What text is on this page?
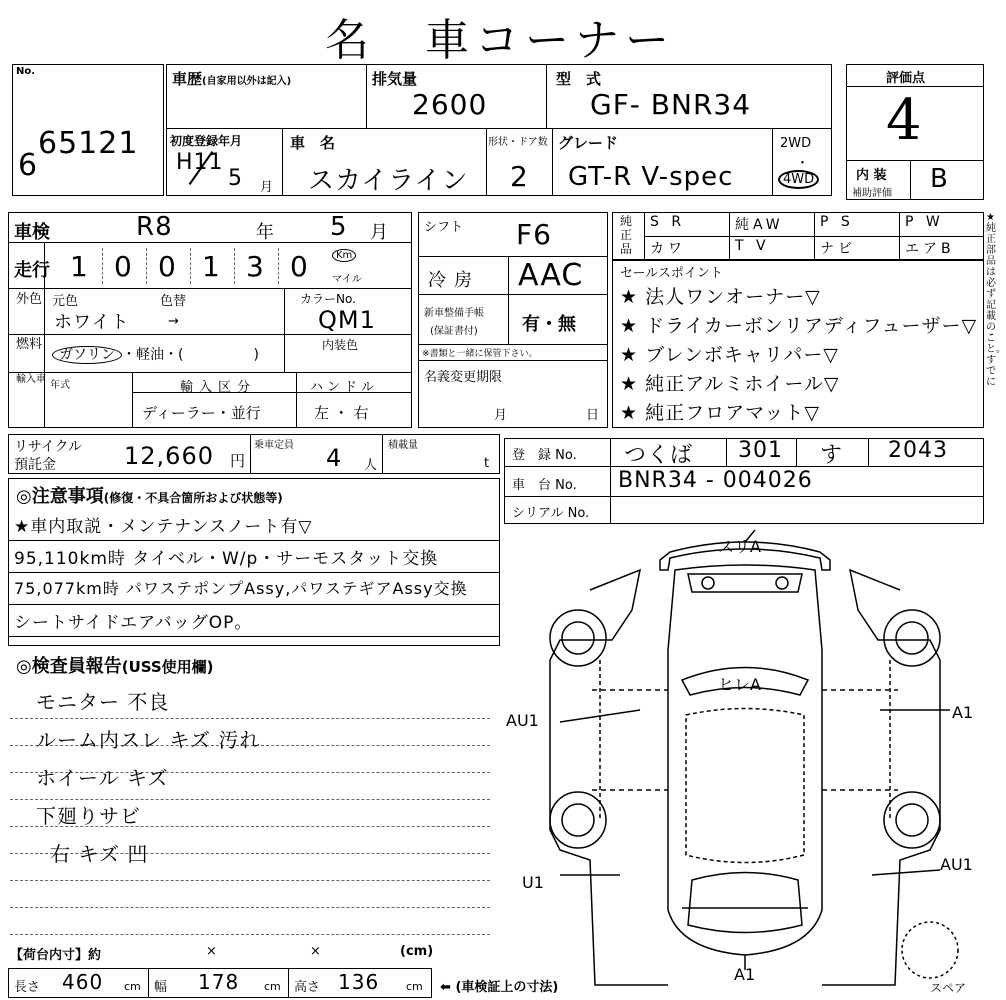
名　車コーナー
No.
65121
6
車歴(自家用以外は記入)	排気量
2600
型　式
GF- BNR34
初度登録年月
H11
5 月
車　名
スカイライン
形状・ドア数
2
グレード
GT-R V-spec
2WD
・
4WD
評価点
4
内 装
補助評価 B
車検	R8	年 5 月
走行 1 0 0 1 3 0	Km
マイル
外色 元色	色替
ホワイト	→
カラーNo.
QM1
燃料
ガソリン ・軽油・(　　　　　)
内装色
輸入車
年式	輸入区分
ディーラー・並行
ハンドル
左 ・ 右
シフト F6
冷房 AAC
新車整備手帳
(保証書付) 有・無
※書類と一緒に保管下さい。
名義変更期限
月	日
純正品
S R	純AW	P S	P W
カワ	T V	ナビ	エアB
セールスポイント
★ 法人ワンオーナー▽
★ ドライカーボンリアディフューザー▽
★ ブレンボキャリパー▽
★ 純正アルミホイール▽
★ 純正フロアマット▽
★純正部品は必ず記載のこと。すでに
リサイクル
預託金	12,660 円
乗車定員 4 人
積載量
t
登　録 No. つくば 301 す 2043
車　台 No. BNR34 - 004026
シリアル No.
◎注意事項(修復・不具合箇所および状態等)
★車内取説・メンテナンスノート有▽
95,110km時 タイベル・W/p・サーモスタット交換
75,077km時 パワステポンプAssy,パワステギアAssy交換
シートサイドエアバッグOP。
◎検査員報告(USS使用欄)
モニター 不良
ルーム内スレ キズ 汚れ
ホイール キズ
下廻りサビ
右 キズ 凹
【荷台内寸】約	×	×	(cm)
長さ 460 cm 幅 178 cm 高さ 136 cm ⬅ (車検証上の寸法)
スリA
ヒレA
AU1	A1
U1
AU1
A1
スペア
